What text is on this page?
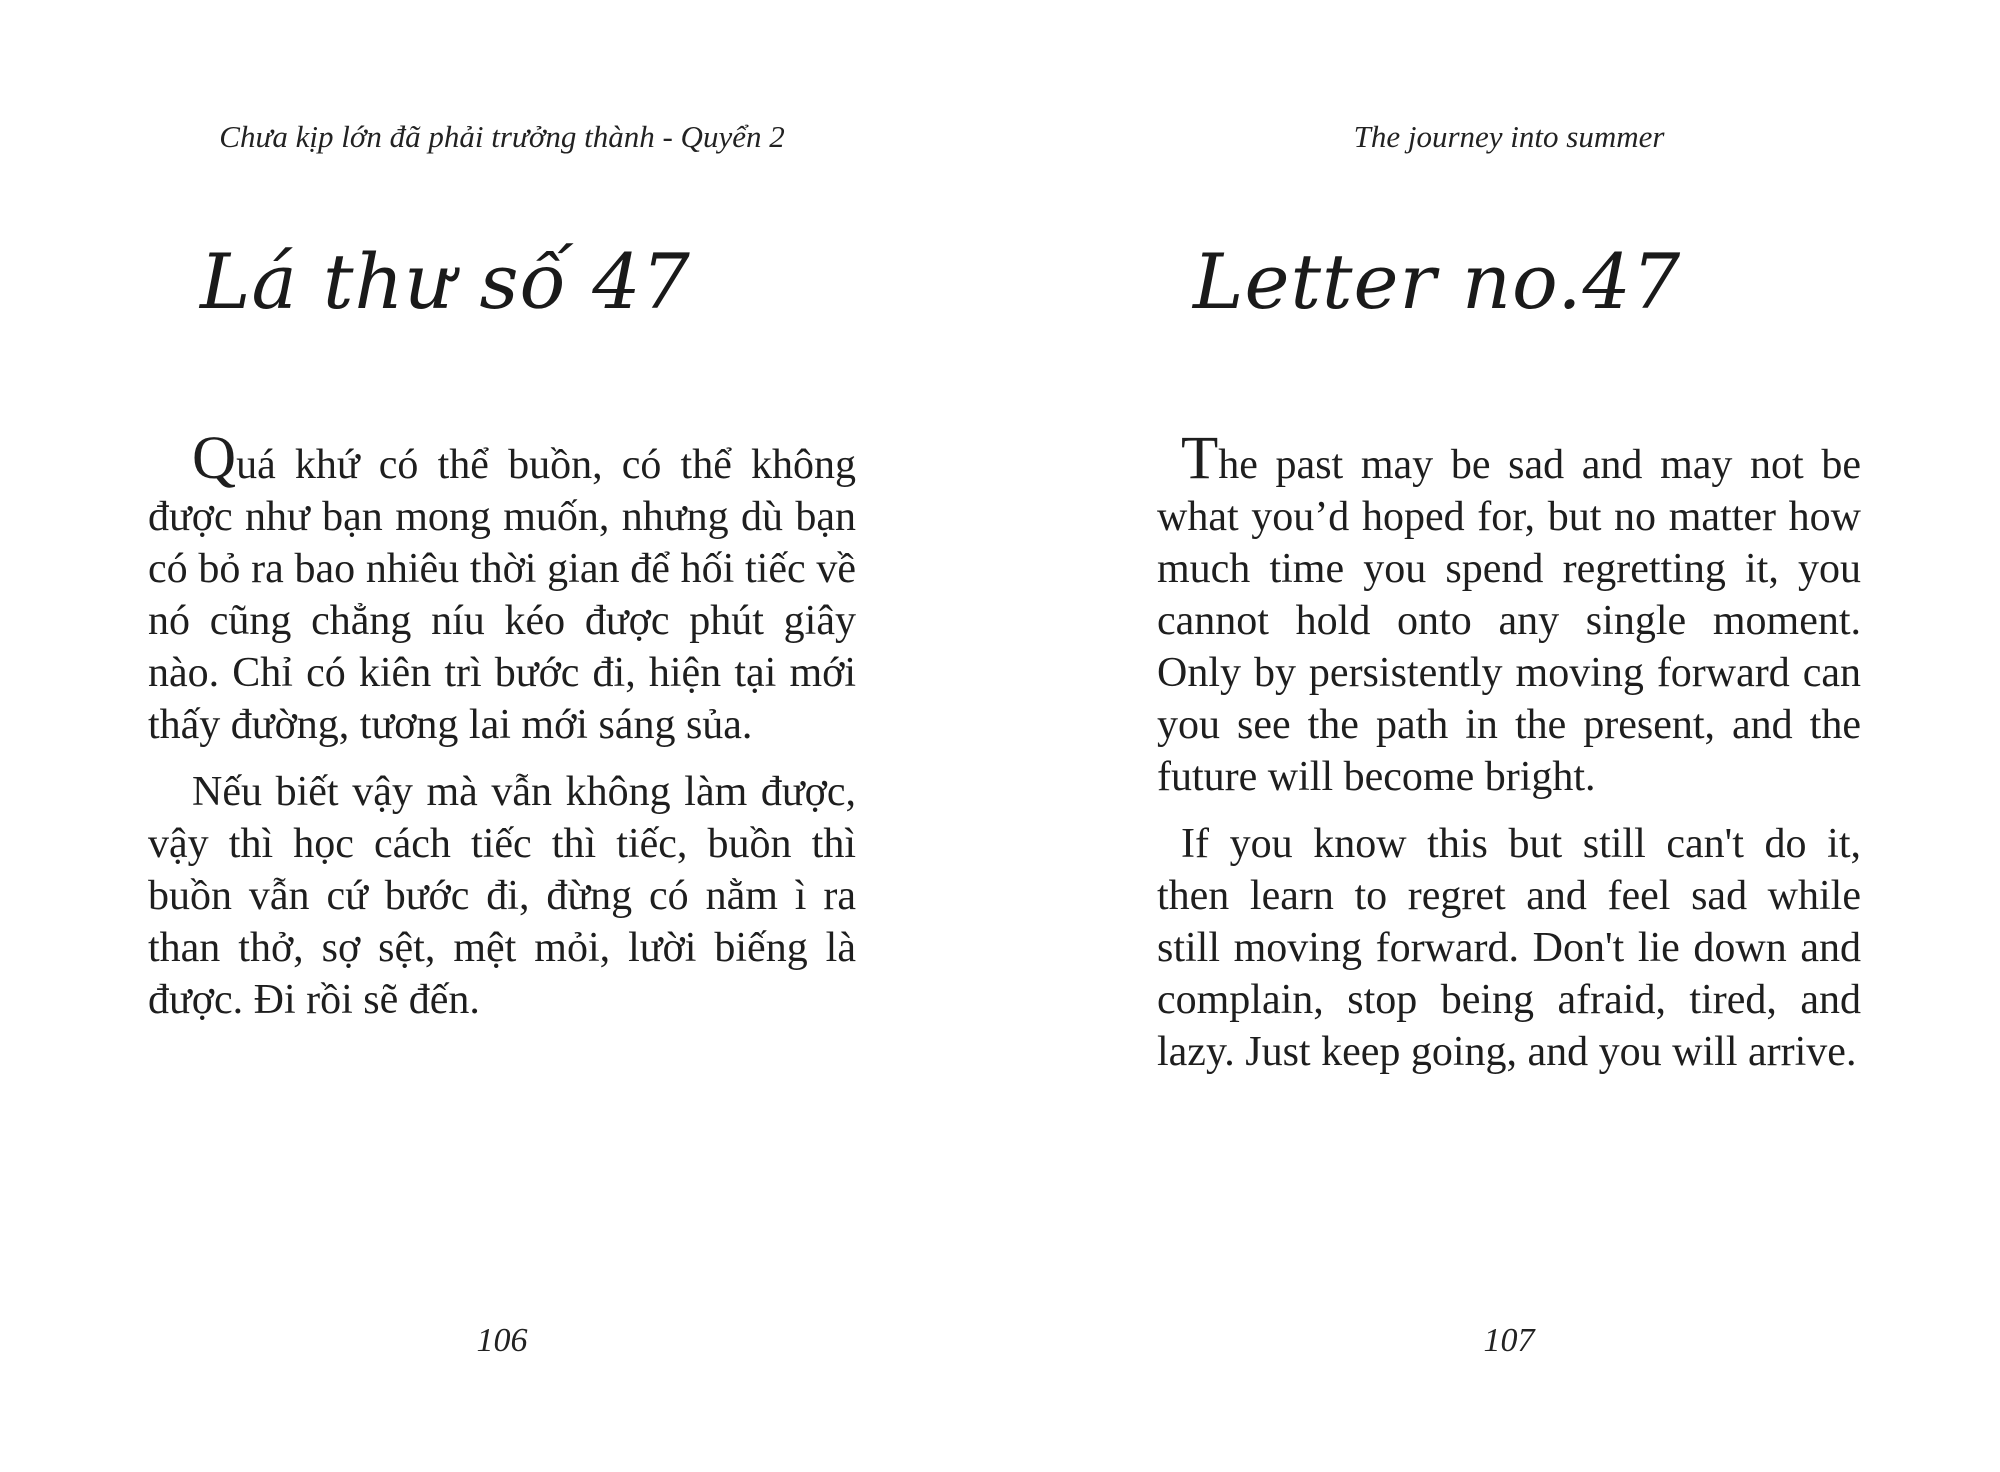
Chưa kịp lớn đã phải trưởng thành - Quyển 2
Lá thư số 47

Quá khứ có thể buồn, có thể không được như bạn mong muốn, nhưng dù bạn có bỏ ra bao nhiêu thời gian để hối tiếc về nó cũng chẳng níu kéo được phút giây nào. Chỉ có kiên trì bước đi, hiện tại mới thấy đường, tương lai mới sáng sủa.

Nếu biết vậy mà vẫn không làm được, vậy thì học cách tiếc thì tiếc, buồn thì buồn vẫn cứ bước đi, đừng có nằm ì ra than thở, sợ sệt, mệt mỏi, lười biếng là được. Đi rồi sẽ đến.

106
The journey into summer
Letter no.47

The past may be sad and may not be what you’d hoped for, but no matter how much time you spend regretting it, you cannot hold onto any single moment. Only by persistently moving forward can you see the path in the present, and the future will become bright.

If you know this but still can't do it, then learn to regret and feel sad while still moving forward. Don't lie down and complain, stop being afraid, tired, and lazy. Just keep going, and you will arrive.

107
